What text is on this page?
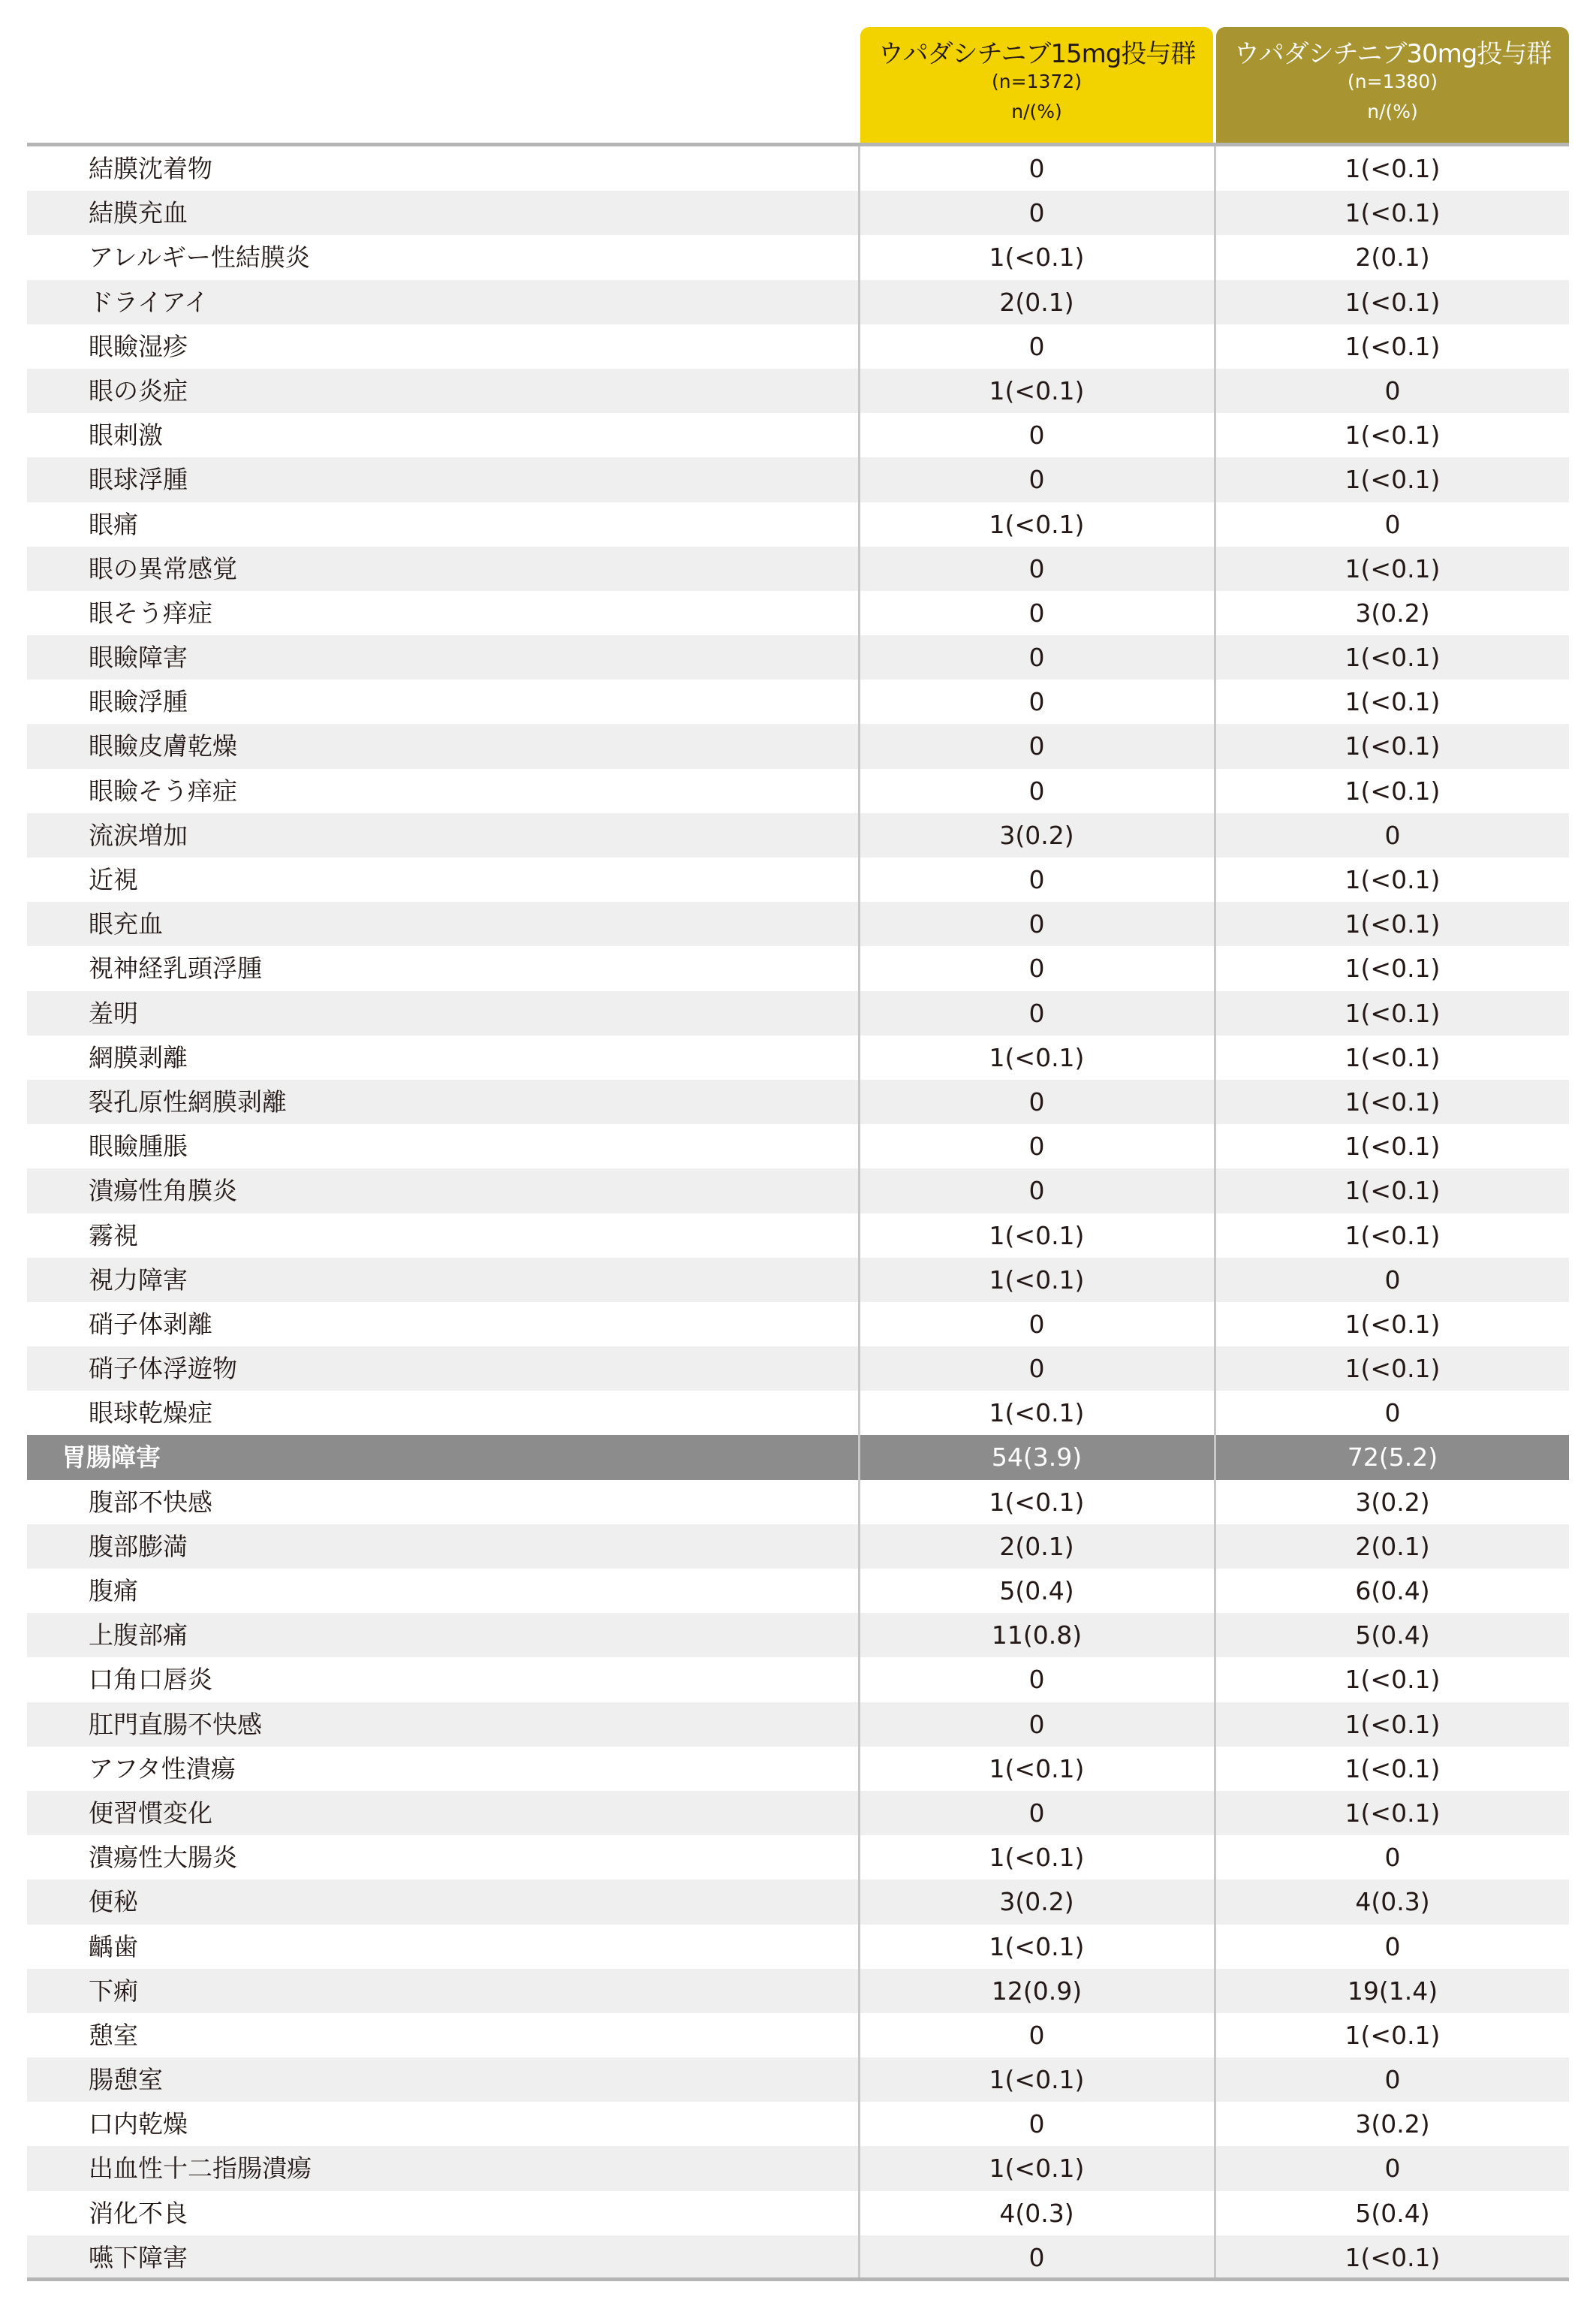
ウパダシチニブ15mg投与群
(n=1372)
n/(%)
ウパダシチニブ30mg投与群
(n=1380)
n/(%)
結膜沈着物	0	1(<0.1)
結膜充血	0	1(<0.1)
アレルギー性結膜炎	1(<0.1)	2(0.1)
ドライアイ	2(0.1)	1(<0.1)
眼瞼湿疹	0	1(<0.1)
眼の炎症	1(<0.1)	0
眼刺激	0	1(<0.1)
眼球浮腫	0	1(<0.1)
眼痛	1(<0.1)	0
眼の異常感覚	0	1(<0.1)
眼そう痒症	0	3(0.2)
眼瞼障害	0	1(<0.1)
眼瞼浮腫	0	1(<0.1)
眼瞼皮膚乾燥	0	1(<0.1)
眼瞼そう痒症	0	1(<0.1)
流涙増加	3(0.2)	0
近視	0	1(<0.1)
眼充血	0	1(<0.1)
視神経乳頭浮腫	0	1(<0.1)
羞明	0	1(<0.1)
網膜剥離	1(<0.1)	1(<0.1)
裂孔原性網膜剥離	0	1(<0.1)
眼瞼腫脹	0	1(<0.1)
潰瘍性角膜炎	0	1(<0.1)
霧視	1(<0.1)	1(<0.1)
視力障害	1(<0.1)	0
硝子体剥離	0	1(<0.1)
硝子体浮遊物	0	1(<0.1)
眼球乾燥症	1(<0.1)	0
胃腸障害	54(3.9)	72(5.2)
腹部不快感	1(<0.1)	3(0.2)
腹部膨満	2(0.1)	2(0.1)
腹痛	5(0.4)	6(0.4)
上腹部痛	11(0.8)	5(0.4)
口角口唇炎	0	1(<0.1)
肛門直腸不快感	0	1(<0.1)
アフタ性潰瘍	1(<0.1)	1(<0.1)
便習慣変化	0	1(<0.1)
潰瘍性大腸炎	1(<0.1)	0
便秘	3(0.2)	4(0.3)
齲歯	1(<0.1)	0
下痢	12(0.9)	19(1.4)
憩室	0	1(<0.1)
腸憩室	1(<0.1)	0
口内乾燥	0	3(0.2)
出血性十二指腸潰瘍	1(<0.1)	0
消化不良	4(0.3)	5(0.4)
嚥下障害	0	1(<0.1)
